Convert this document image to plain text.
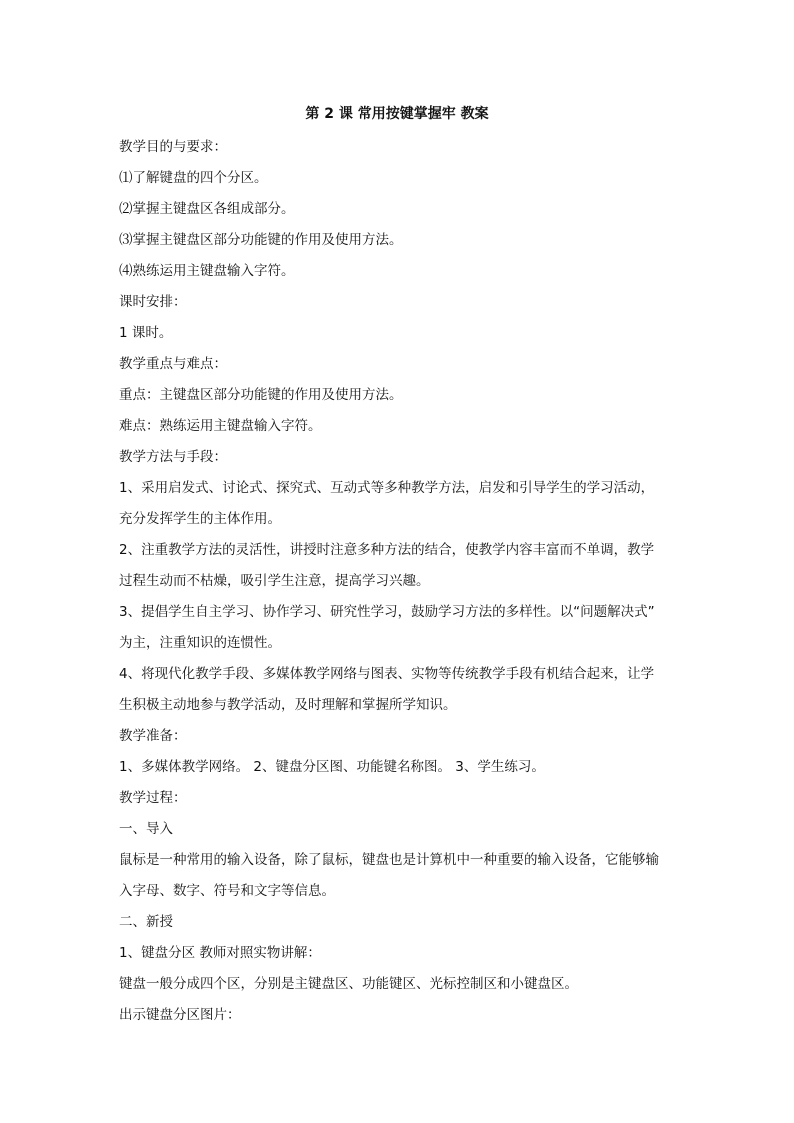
第 2 课 常用按键掌握牢 教案
教学目的与要求：
⑴了解键盘的四个分区。
⑵掌握主键盘区各组成部分。
⑶掌握主键盘区部分功能键的作用及使用方法。
⑷熟练运用主键盘输入字符。
课时安排：
1 课时。
教学重点与难点：
重点：主键盘区部分功能键的作用及使用方法。
难点：熟练运用主键盘输入字符。
教学方法与手段：
1、采用启发式、讨论式、探究式、互动式等多种教学方法，启发和引导学生的学习活动，
充分发挥学生的主体作用。
2、注重教学方法的灵活性，讲授时注意多种方法的结合，使教学内容丰富而不单调，教学
过程生动而不枯燥，吸引学生注意，提高学习兴趣。
3、提倡学生自主学习、协作学习、研究性学习，鼓励学习方法的多样性。以“问题解决式”
为主，注重知识的连惯性。
4、将现代化教学手段、多媒体教学网络与图表、实物等传统教学手段有机结合起来，让学
生积极主动地参与教学活动，及时理解和掌握所学知识。
教学准备：
1、多媒体教学网络。 2、键盘分区图、功能键名称图。 3、学生练习。
教学过程：
一、导入
鼠标是一种常用的输入设备，除了鼠标，键盘也是计算机中一种重要的输入设备，它能够输
入字母、数字、符号和文字等信息。
二、新授
1、键盘分区 教师对照实物讲解：
键盘一般分成四个区，分别是主键盘区、功能键区、光标控制区和小键盘区。
出示键盘分区图片：
